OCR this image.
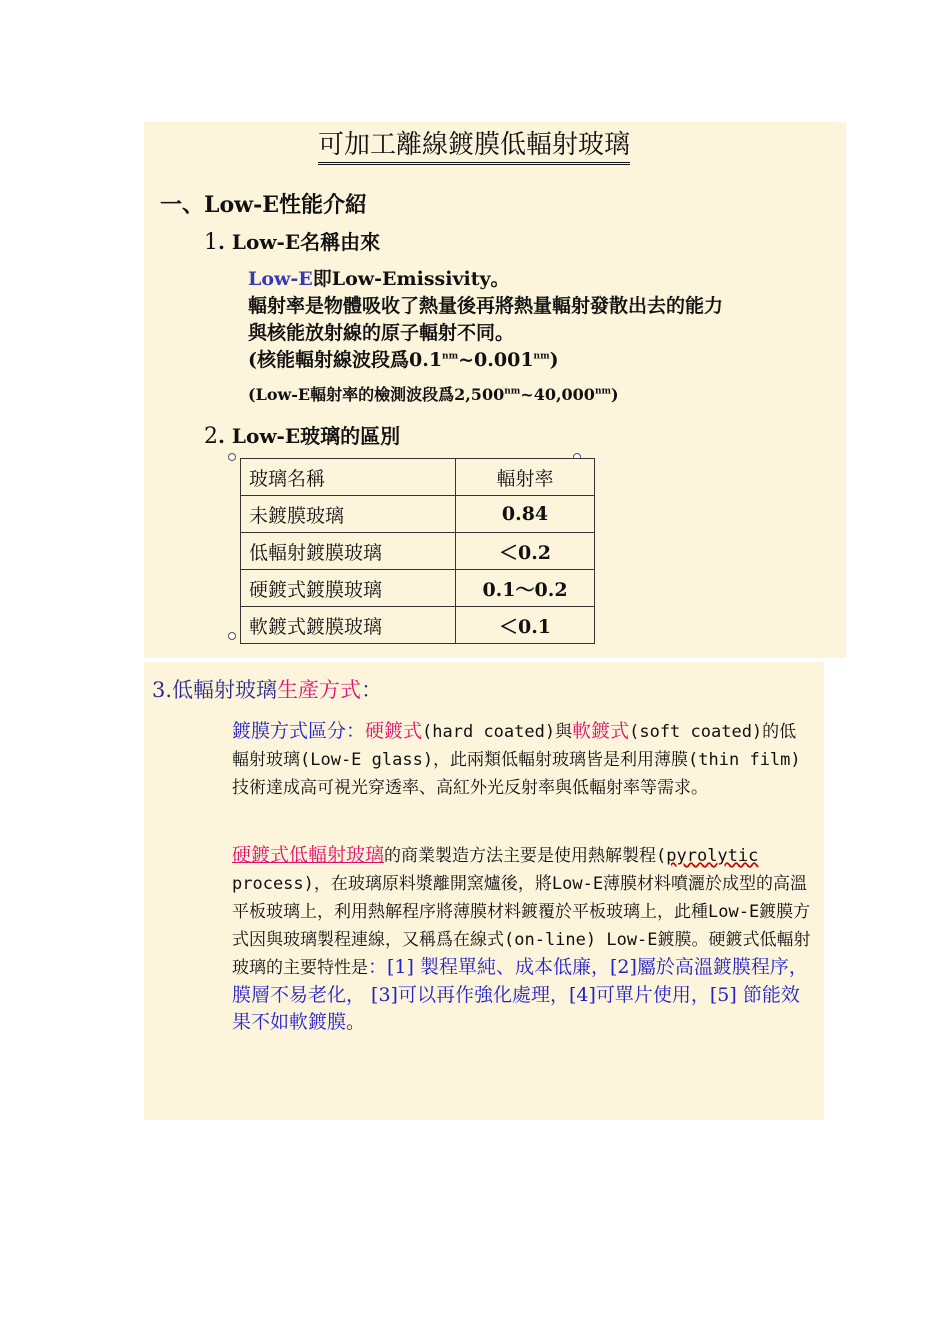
可加工離線鍍膜低輻射玻璃
一、Low-E性能介紹
1. Low-E名稱由來
Low-E即Low-Emissivity。
輻射率是物體吸收了熱量後再將熱量輻射發散出去的能力
與核能放射線的原子輻射不同。
(核能輻射線波段爲$0.1^{nm}\sim 0.001^{nm}$)
(Low-E輻射率的檢測波段爲$2,500^{nm}\sim 40,000^{nm}$)
2. Low-E玻璃的區別
玻璃名稱	輻射率
未鍍膜玻璃	0.84
低輻射鍍膜玻璃	＜0.2
硬鍍式鍍膜玻璃	0.1～0.2
軟鍍式鍍膜玻璃	＜0.1
3.低輻射玻璃生產方式：
鍍膜方式區分：硬鍍式(hard coated)與軟鍍式(soft coated)的低輻射玻璃(Low-E glass)，此兩類低輻射玻璃皆是利用薄膜(thin film)技術達成高可視光穿透率、高紅外光反射率與低輻射率等需求。
硬鍍式低輻射玻璃的商業製造方法主要是使用熱解製程(pyrolytic process)，在玻璃原料漿離開窯爐後，將Low-E薄膜材料噴灑於成型的高溫平板玻璃上，利用熱解程序將薄膜材料鍍覆於平板玻璃上，此種Low-E鍍膜方式因與玻璃製程連線，又稱爲在線式(on-line) Low-E鍍膜。硬鍍式低輻射玻璃的主要特性是：[1] 製程單純、成本低廉，[2]屬於高溫鍍膜程序，膜層不易老化， [3]可以再作強化處理，[4]可單片使用，[5] 節能效果不如軟鍍膜。
